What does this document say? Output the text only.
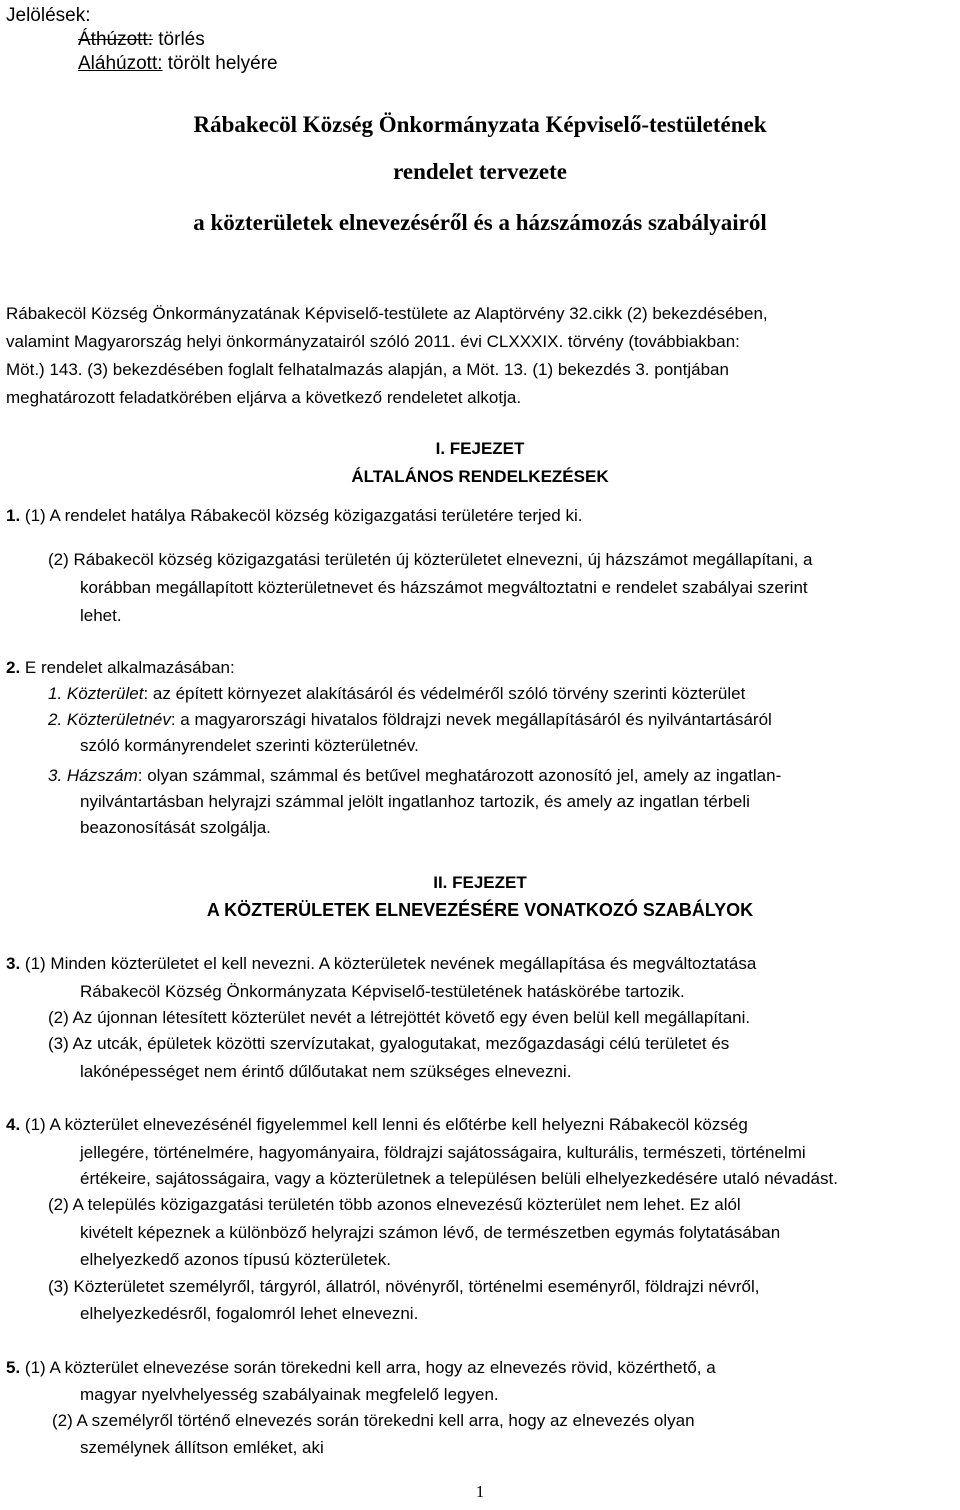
Jelölések:
Áthúzott: törlés
Aláhúzott: törölt helyére
Rábakecöl Község Önkormányzata Képviselő-testületének
rendelet tervezete
a közterületek elnevezéséről és a házszámozás szabályairól
Rábakecöl Község Önkormányzatának Képviselő-testülete az Alaptörvény 32.cikk (2) bekezdésében,
valamint Magyarország helyi önkormányzatairól szóló 2011. évi CLXXXIX. törvény (továbbiakban:
Möt.) 143. (3) bekezdésében foglalt felhatalmazás alapján, a Möt. 13. (1) bekezdés 3. pontjában
meghatározott feladatkörében eljárva a következő rendeletet alkotja.
I. FEJEZET
ÁLTALÁNOS RENDELKEZÉSEK
1. (1) A rendelet hatálya Rábakecöl község közigazgatási területére terjed ki.
(2) Rábakecöl község közigazgatási területén új közterületet elnevezni, új házszámot megállapítani, a
korábban megállapított közterületnevet és házszámot megváltoztatni e rendelet szabályai szerint
lehet.
2. E rendelet alkalmazásában:
1. Közterület: az épített környezet alakításáról és védelméről szóló törvény szerinti közterület
2. Közterületnév: a magyarországi hivatalos földrajzi nevek megállapításáról és nyilvántartásáról
szóló kormányrendelet szerinti közterületnév.
3. Házszám: olyan számmal, számmal és betűvel meghatározott azonosító jel, amely az ingatlan-
nyilvántartásban helyrajzi számmal jelölt ingatlanhoz tartozik, és amely az ingatlan térbeli
beazonosítását szolgálja.
II. FEJEZET
A KÖZTERÜLETEK ELNEVEZÉSÉRE VONATKOZÓ SZABÁLYOK
3. (1) Minden közterületet el kell nevezni. A közterületek nevének megállapítása és megváltoztatása
Rábakecöl Község Önkormányzata Képviselő-testületének hatáskörébe tartozik.
(2) Az újonnan létesített közterület nevét a létrejöttét követő egy éven belül kell megállapítani.
(3) Az utcák, épületek közötti szervízutakat, gyalogutakat, mezőgazdasági célú területet és
lakónépességet nem érintő dűlőutakat nem szükséges elnevezni.
4. (1) A közterület elnevezésénél figyelemmel kell lenni és előtérbe kell helyezni Rábakecöl község
jellegére, történelmére, hagyományaira, földrajzi sajátosságaira, kulturális, természeti, történelmi
értékeire, sajátosságaira, vagy a közterületnek a településen belüli elhelyezkedésére utaló névadást.
(2) A település közigazgatási területén több azonos elnevezésű közterület nem lehet. Ez alól
kivételt képeznek a különböző helyrajzi számon lévő, de természetben egymás folytatásában
elhelyezkedő azonos típusú közterületek.
(3) Közterületet személyről, tárgyról, állatról, növényről, történelmi eseményről, földrajzi névről,
elhelyezkedésről, fogalomról lehet elnevezni.
5. (1) A közterület elnevezése során törekedni kell arra, hogy az elnevezés rövid, közérthető, a
magyar nyelvhelyesség szabályainak megfelelő legyen.
(2) A személyről történő elnevezés során törekedni kell arra, hogy az elnevezés olyan
személynek állítson emléket, aki
1
